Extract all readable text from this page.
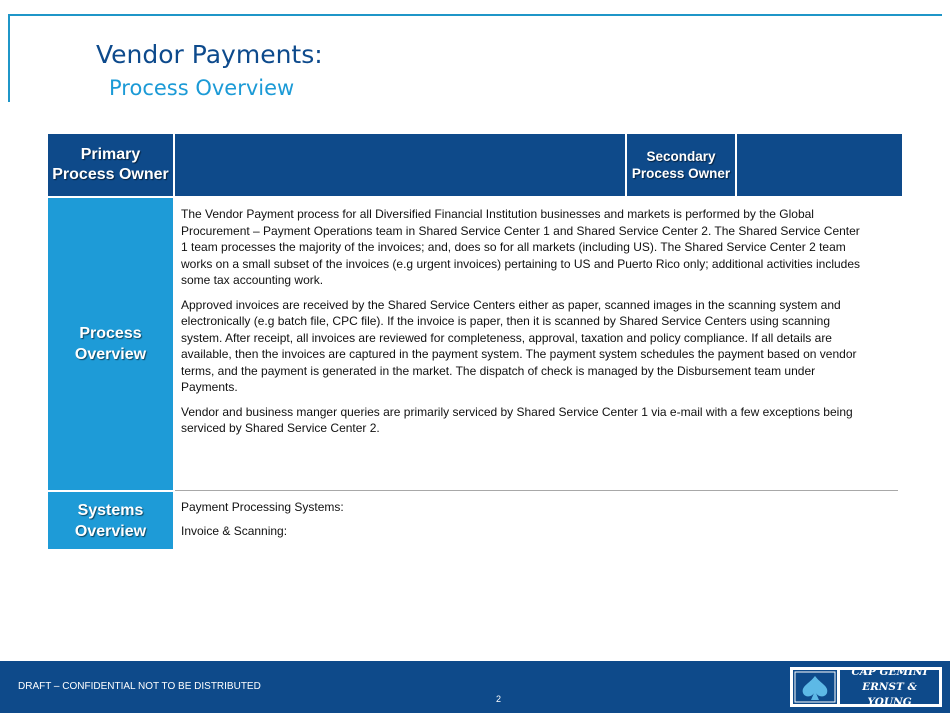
Vendor Payments:
Process Overview
Primary
Process Owner
Secondary
Process Owner
Process
Overview

The Vendor Payment process for all Diversified Financial Institution businesses and markets is performed by the Global Procurement – Payment Operations team in Shared Service Center 1 and Shared Service Center 2. The Shared Service Center 1 team processes the majority of the invoices; and, does so for all markets (including US). The Shared Service Center 2 team works on a small subset of the invoices (e.g urgent invoices) pertaining to US and Puerto Rico only; additional activities includes some tax accounting work.

Approved invoices are received by the Shared Service Centers either as paper, scanned images in the scanning system and electronically (e.g batch file, CPC file). If the invoice is paper, then it is scanned by Shared Service Centers using scanning system. After receipt, all invoices are reviewed for completeness, approval, taxation and policy compliance. If all details are available, then the invoices are captured in the payment system. The payment system schedules the payment based on vendor terms, and the payment is generated in the market. The dispatch of check is managed by the Disbursement team under Payments.

Vendor and business manger queries are primarily serviced by Shared Service Center 1 via e-mail with a few exceptions being serviced by Shared Service Center 2.

Systems
Overview

Payment Processing Systems:

Invoice & Scanning:

DRAFT – CONFIDENTIAL NOT TO BE DISTRIBUTED
2
CAP GEMINI
ERNST & YOUNG
